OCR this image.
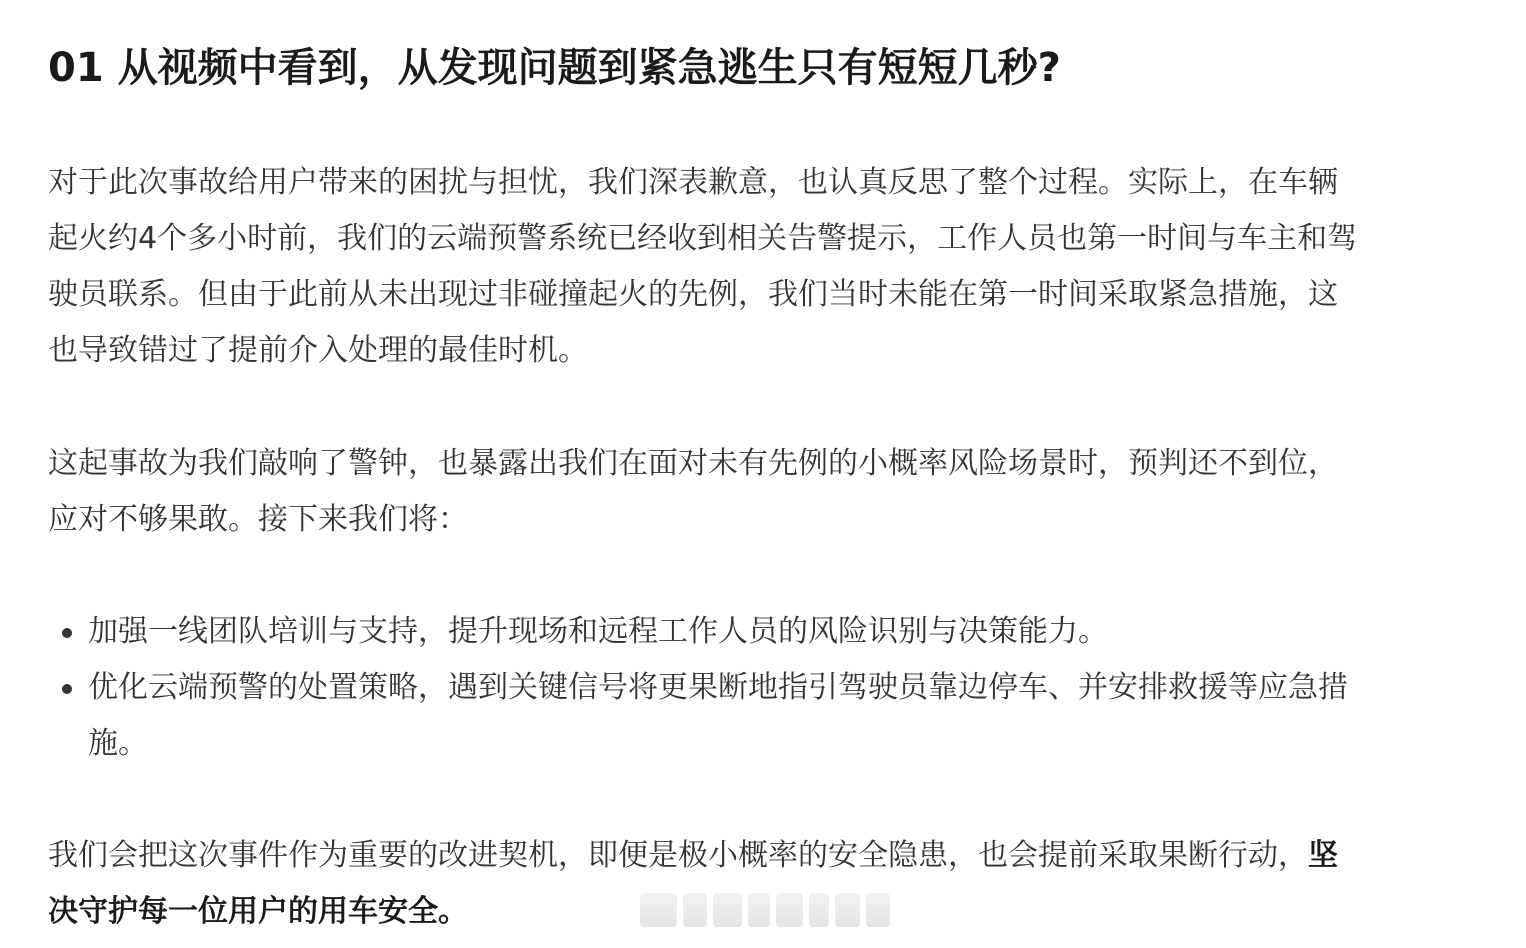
01 从视频中看到，从发现问题到紧急逃生只有短短几秒?

对于此次事故给用户带来的困扰与担忧，我们深表歉意，也认真反思了整个过程。实际上，在车辆
起火约4个多小时前，我们的云端预警系统已经收到相关告警提示，工作人员也第一时间与车主和驾
驶员联系。但由于此前从未出现过非碰撞起火的先例，我们当时未能在第一时间采取紧急措施，这
也导致错过了提前介入处理的最佳时机。

这起事故为我们敲响了警钟，也暴露出我们在面对未有先例的小概率风险场景时，预判还不到位，
应对不够果敢。接下来我们将：

加强一线团队培训与支持，提升现场和远程工作人员的风险识别与决策能力。
优化云端预警的处置策略，遇到关键信号将更果断地指引驾驶员靠边停车、并安排救援等应急措
施。

我们会把这次事件作为重要的改进契机，即便是极小概率的安全隐患，也会提前采取果断行动，坚
决守护每一位用户的用车安全。
